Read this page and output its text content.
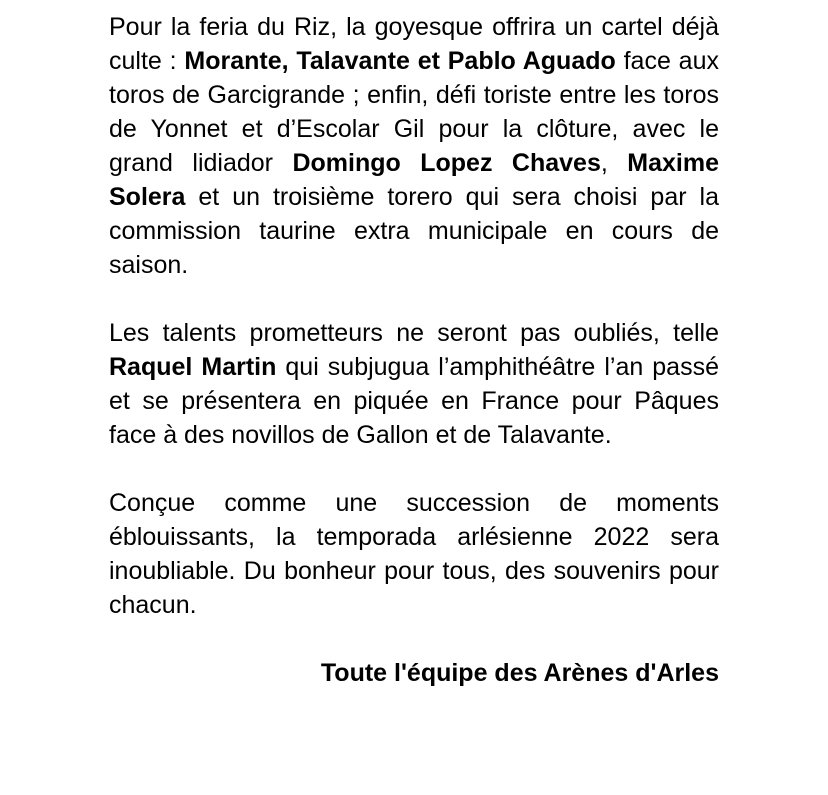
Pour la feria du Riz, la goyesque offrira un cartel déjà culte : Morante, Talavante et Pablo Aguado face aux toros de Garcigrande ; enfin, défi toriste entre les toros de Yonnet et d’Escolar Gil pour la clôture, avec le grand lidiador Domingo Lopez Chaves, Maxime Solera et un troisième torero qui sera choisi par la commission taurine extra municipale en cours de saison.

Les talents prometteurs ne seront pas oubliés, telle Raquel Martin qui subjugua l’amphithéâtre l’an passé et se présentera en piquée en France pour Pâques face à des novillos de Gallon et de Talavante.

Conçue comme une succession de moments éblouissants, la temporada arlésienne 2022 sera inoubliable. Du bonheur pour tous, des souvenirs pour chacun.

Toute l'équipe des Arènes d'Arles
